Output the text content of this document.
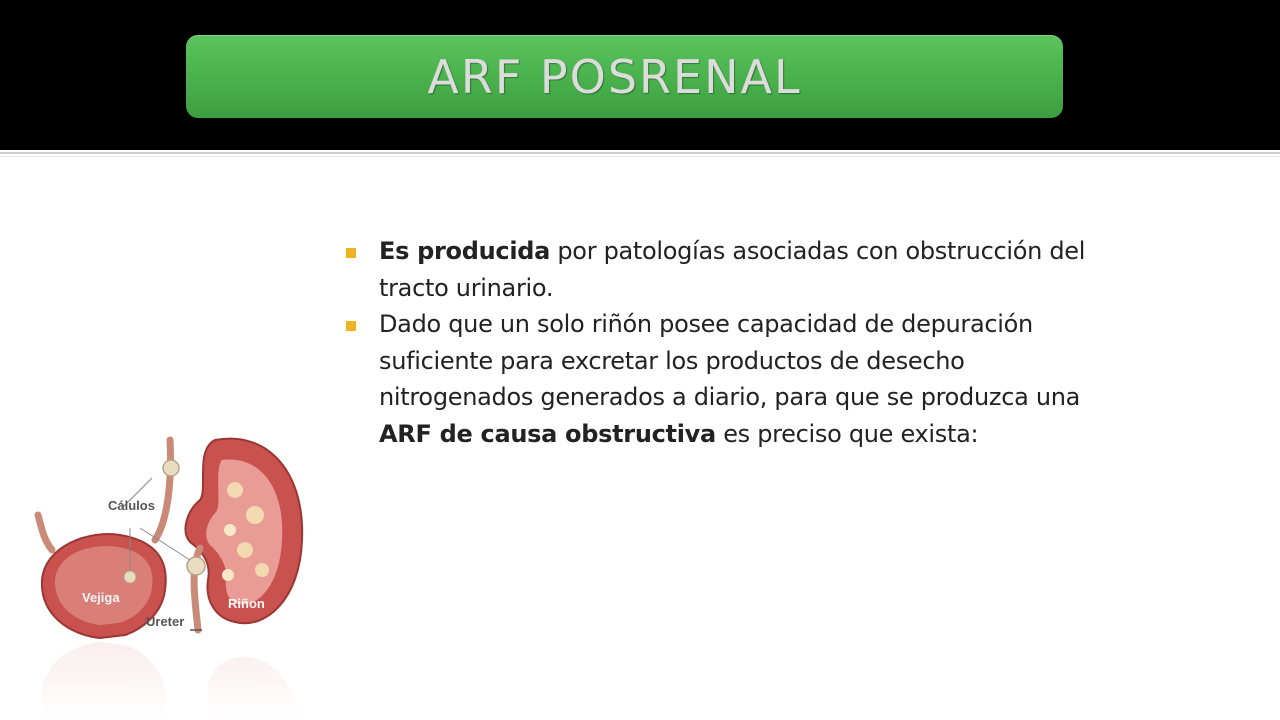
ARF POSRENAL
Es producida por patologías asociadas con obstrucción del tracto urinario.
Dado que un solo riñón posee capacidad de depuración suficiente para excretar los productos de desecho nitrogenados generados a diario, para que se produzca una ARF de causa obstructiva es preciso que exista:
Cálulos
Vejiga	Riñon
Ureter
